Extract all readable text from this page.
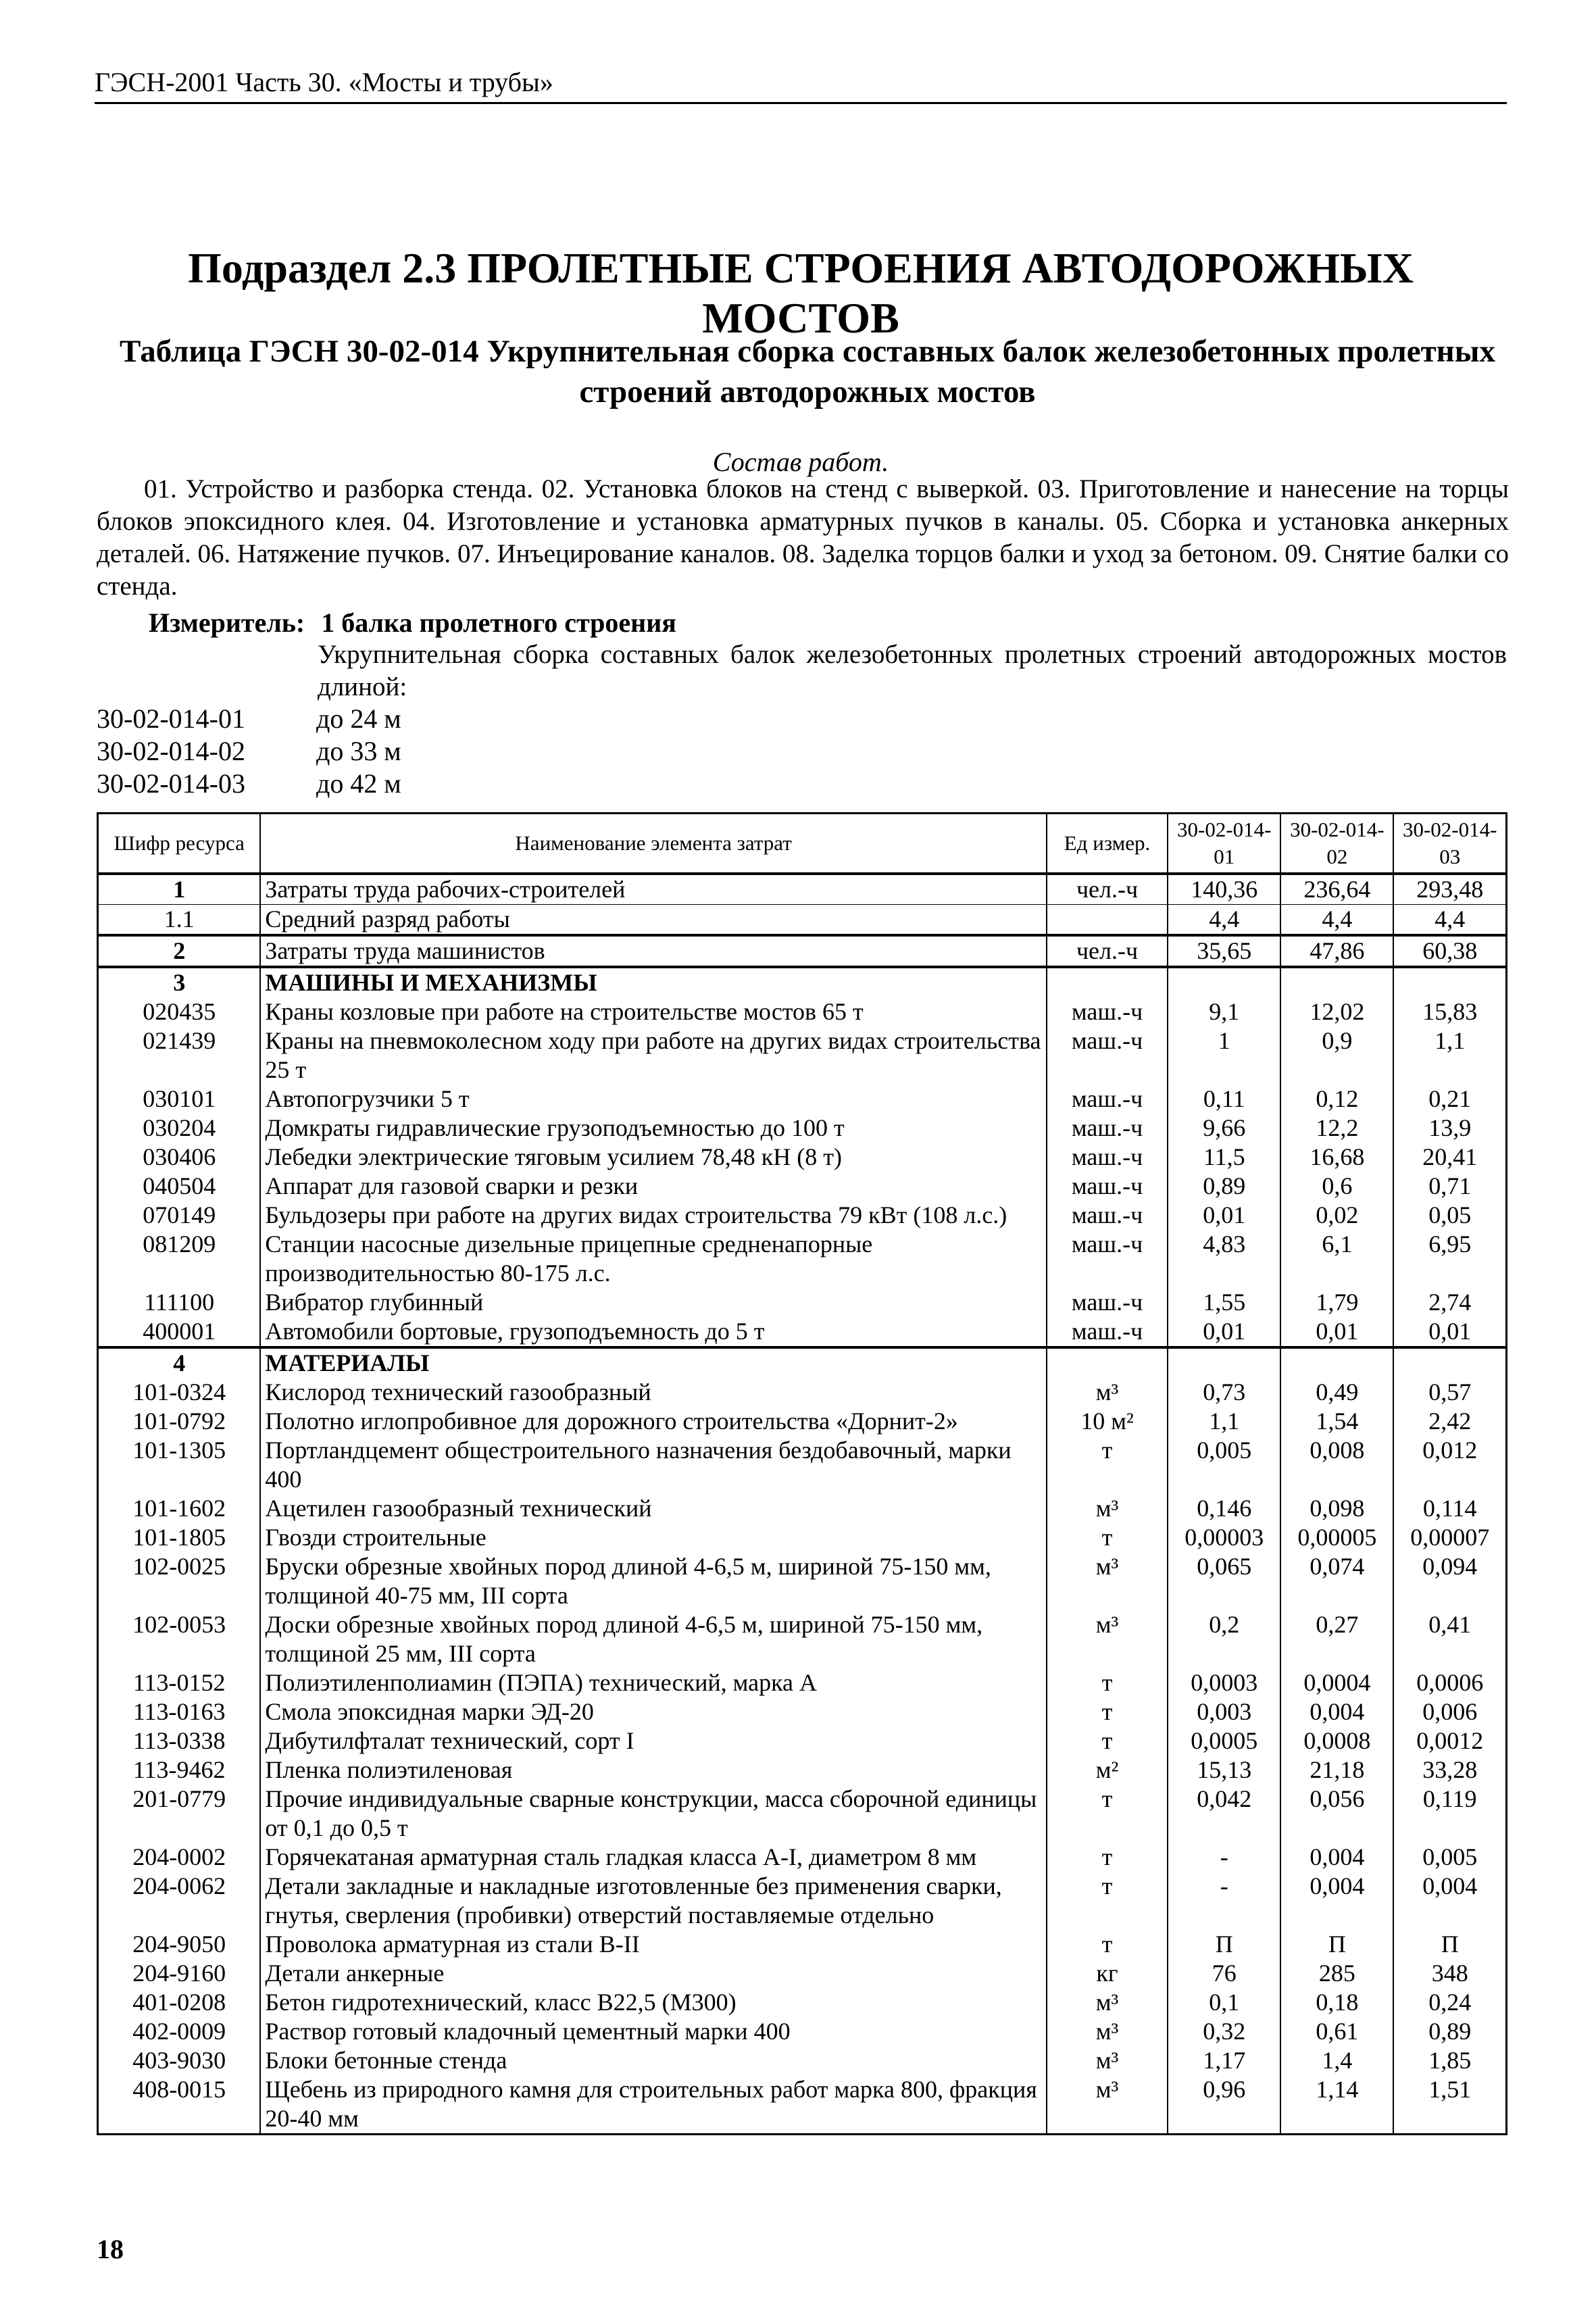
ГЭСН-2001 Часть 30. «Мосты и трубы»
Подраздел 2.3 ПРОЛЕТНЫЕ СТРОЕНИЯ АВТОДОРОЖНЫХ МОСТОВ
Таблица ГЭСН 30-02-014 Укрупнительная сборка составных балок железобетонных пролетных строений автодорожных мостов
Состав работ.
01. Устройство и разборка стенда. 02. Установка блоков на стенд с выверкой. 03. Приготовление и нанесение на торцы блоков эпоксидного клея. 04. Изготовление и установка арматурных пучков в каналы. 05. Сборка и установка анкерных деталей. 06. Натяжение пучков. 07. Инъецирование каналов. 08. Заделка торцов балки и уход за бетоном. 09. Снятие балки со стенда.
Измеритель: 1 балка пролетного строения
Укрупнительная сборка составных балок железобетонных пролетных строений автодорожных мостов длиной:
30-02-014-01	до 24 м
30-02-014-02	до 33 м
30-02-014-03	до 42 м
Шифр ресурса	Наименование элемента затрат	Ед измер.	30-02-014-01	30-02-014-02	30-02-014-03
1	Затраты труда рабочих-строителей	чел.-ч	140,36	236,64	293,48
1.1	Средний разряд работы		4,4	4,4	4,4
2	Затраты труда машинистов	чел.-ч	35,65	47,86	60,38
3	МАШИНЫ И МЕХАНИЗМЫ				
020435	Краны козловые при работе на строительстве мостов 65 т	маш.-ч	9,1	12,02	15,83
021439	Краны на пневмоколесном ходу при работе на других видах строительства 25 т	маш.-ч	1	0,9	1,1
030101	Автопогрузчики 5 т	маш.-ч	0,11	0,12	0,21
030204	Домкраты гидравлические грузоподъемностью до 100 т	маш.-ч	9,66	12,2	13,9
030406	Лебедки электрические тяговым усилием 78,48 кН (8 т)	маш.-ч	11,5	16,68	20,41
040504	Аппарат для газовой сварки и резки	маш.-ч	0,89	0,6	0,71
070149	Бульдозеры при работе на других видах строительства 79 кВт (108 л.с.)	маш.-ч	0,01	0,02	0,05
081209	Станции насосные дизельные прицепные средненапорные производительностью 80-175 л.с.	маш.-ч	4,83	6,1	6,95
111100	Вибратор глубинный	маш.-ч	1,55	1,79	2,74
400001	Автомобили бортовые, грузоподъемность до 5 т	маш.-ч	0,01	0,01	0,01
4	МАТЕРИАЛЫ				
101-0324	Кислород технический газообразный	м³	0,73	0,49	0,57
101-0792	Полотно иглопробивное для дорожного строительства «Дорнит-2»	10 м²	1,1	1,54	2,42
101-1305	Портландцемент общестроительного назначения бездобавочный, марки 400	т	0,005	0,008	0,012
101-1602	Ацетилен газообразный технический	м³	0,146	0,098	0,114
101-1805	Гвозди строительные	т	0,00003	0,00005	0,00007
102-0025	Бруски обрезные хвойных пород длиной 4-6,5 м, шириной 75-150 мм, толщиной 40-75 мм, III сорта	м³	0,065	0,074	0,094
102-0053	Доски обрезные хвойных пород длиной 4-6,5 м, шириной 75-150 мм, толщиной 25 мм, III сорта	м³	0,2	0,27	0,41
113-0152	Полиэтиленполиамин (ПЭПА) технический, марка А	т	0,0003	0,0004	0,0006
113-0163	Смола эпоксидная марки ЭД-20	т	0,003	0,004	0,006
113-0338	Дибутилфталат технический, сорт I	т	0,0005	0,0008	0,0012
113-9462	Пленка полиэтиленовая	м²	15,13	21,18	33,28
201-0779	Прочие индивидуальные сварные конструкции, масса сборочной единицы от 0,1 до 0,5 т	т	0,042	0,056	0,119
204-0002	Горячекатаная арматурная сталь гладкая класса А-I, диаметром 8 мм	т	-	0,004	0,005
204-0062	Детали закладные и накладные изготовленные без применения сварки, гнутья, сверления (пробивки) отверстий поставляемые отдельно	т	-	0,004	0,004
204-9050	Проволока арматурная из стали В-II	т	П	П	П
204-9160	Детали анкерные	кг	76	285	348
401-0208	Бетон гидротехнический, класс В22,5 (М300)	м³	0,1	0,18	0,24
402-0009	Раствор готовый кладочный цементный марки 400	м³	0,32	0,61	0,89
403-9030	Блоки бетонные стенда	м³	1,17	1,4	1,85
408-0015	Щебень из природного камня для строительных работ марка 800, фракция 20-40 мм	м³	0,96	1,14	1,51
18
